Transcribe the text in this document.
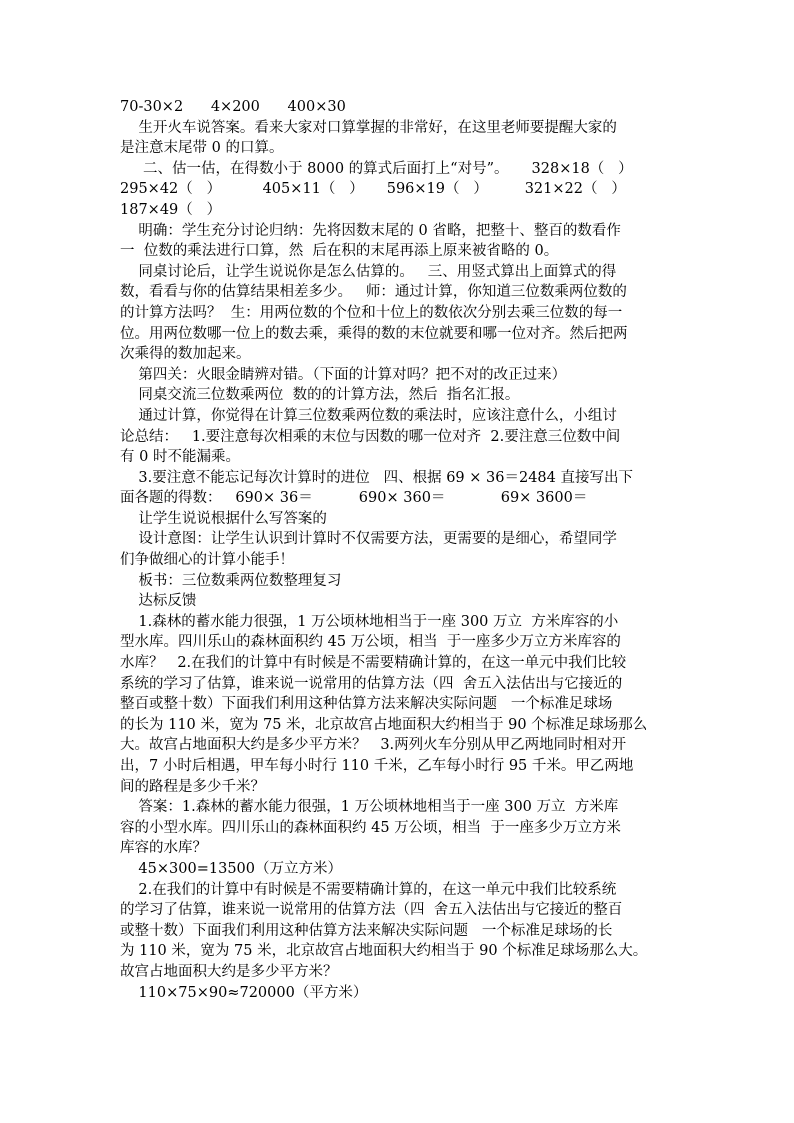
70-30×2      4×200      400×30
生开火车说答案。看来大家对口算掌握的非常好，在这里老师要提醒大家的
是注意末尾带 0 的口算。
二、估一估，在得数小于 8000 的算式后面打上“对号”。     328×18（   ）
295×42（   ）         405×11（   ）     596×19（   ）        321×22（   ）
187×49（   ）
明确：学生充分讨论归纳：先将因数末尾的 0 省略，把整十、整百的数看作
一  位数的乘法进行口算，然  后在积的末尾再添上原来被省略的 0。
同桌讨论后，让学生说说你是怎么估算的。   三、用竖式算出上面算式的得
数，看看与你的估算结果相差多少。   师：通过计算，你知道三位数乘两位数的
的计算方法吗？  生：用两位数的个位和十位上的数依次分别去乘三位数的每一
位。用两位数哪一位上的数去乘，乘得的数的末位就要和哪一位对齐。然后把两
次乘得的数加起来。
第四关：火眼金睛辨对错。（下面的计算对吗？把不对的改正过来）
同桌交流三位数乘两位  数的的计算方法，然后  指名汇报。
通过计算，你觉得在计算三位数乘两位数的乘法时，应该注意什么，小组讨
论总结：   1.要注意每次相乘的末位与因数的哪一位对齐  2.要注意三位数中间
有 0 时不能漏乘。
3.要注意不能忘记每次计算时的进位   四、根据 69 × 36＝2484 直接写出下
面各题的得数：   690× 36＝          690× 360＝            69× 3600＝
让学生说说根据什么写答案的
设计意图：让学生认识到计算时不仅需要方法，更需要的是细心，希望同学
们争做细心的计算小能手！
板书：三位数乘两位数整理复习
达标反馈
1.森林的蓄水能力很强，1 万公顷林地相当于一座 300 万立  方米库容的小
型水库。四川乐山的森林面积约 45 万公顷，相当  于一座多少万立方米库容的
水库？   2.在我们的计算中有时候是不需要精确计算的，在这一单元中我们比较
系统的学习了估算，谁来说一说常用的估算方法（四  舍五入法估出与它接近的
整百或整十数）下面我们利用这种估算方法来解决实际问题   一个标准足球场
的长为 110 米，宽为 75 米，北京故宫占地面积大约相当于 90 个标准足球场那么
大。故宫占地面积大约是多少平方米？   3.两列火车分别从甲乙两地同时相对开
出，7 小时后相遇，甲车每小时行 110 千米，乙车每小时行 95 千米。甲乙两地
间的路程是多少千米？
答案：1.森林的蓄水能力很强，1 万公顷林地相当于一座 300 万立  方米库
容的小型水库。四川乐山的森林面积约 45 万公顷，相当  于一座多少万立方米
库容的水库？
45×300=13500（万立方米）
2.在我们的计算中有时候是不需要精确计算的，在这一单元中我们比较系统
的学习了估算，谁来说一说常用的估算方法（四  舍五入法估出与它接近的整百
或整十数）下面我们利用这种估算方法来解决实际问题   一个标准足球场的长
为 110 米，宽为 75 米，北京故宫占地面积大约相当于 90 个标准足球场那么大。
故宫占地面积大约是多少平方米？
110×75×90≈720000（平方米）
